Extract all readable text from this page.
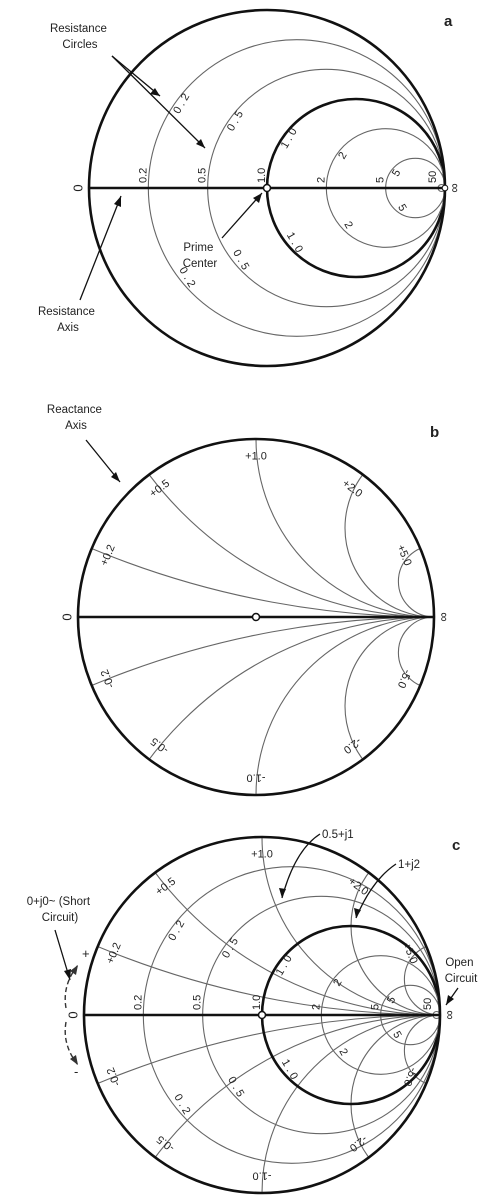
0.2	0.5	1.0	2	5	50
0	∞
0 . 2
0 . 5
1 . 0
2
5
0 . 2
0 . 5
1 . 0
2
5
a
Resistance Circles
Prime Center
Resistance Axis
0	∞
+0.2
+0.5
+1.0
+2.0
+5.0
-0.2
-0.5
-1.0
-2.0
-5.0
b
Reactance Axis
0.2	0.5	1.0	2	5	50
0	∞
0 . 2
0 . 5
1 . 0
2
5
0 . 2
0 . 5
1 . 0
2
5
+0.2
+0.5
+1.0
+2.0
+5.0
-0.2
-0.5
-1.0
-2.0
-5.0
c
0.5+j1
1+j2
0+j0~ (Short Circuit)
+
-
Open Circuit
